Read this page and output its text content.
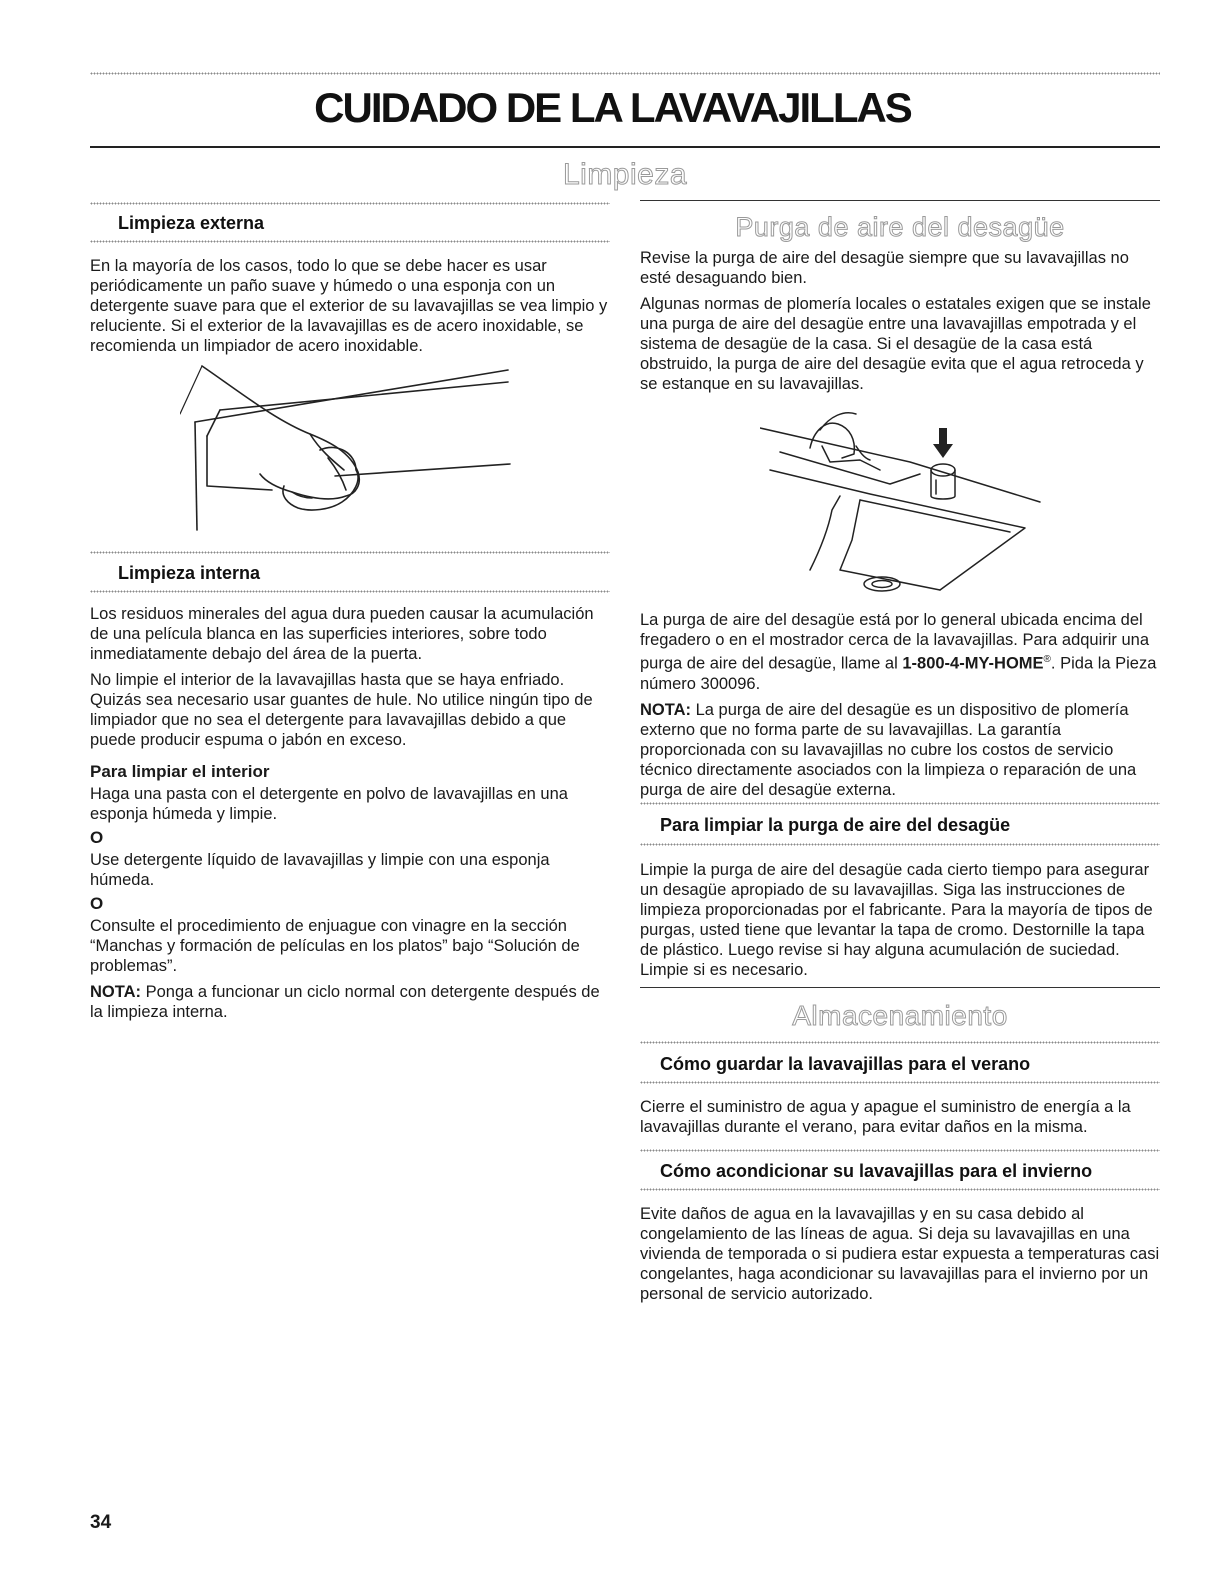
CUIDADO DE LA LAVAVAJILLAS
Limpieza
Limpieza externa

En la mayoría de los casos, todo lo que se debe hacer es usar periódicamente un paño suave y húmedo o una esponja con un detergente suave para que el exterior de su lavavajillas se vea limpio y reluciente. Si el exterior de la lavavajillas es de acero inoxidable, se recomienda un limpiador de acero inoxidable.

Limpieza interna

Los residuos minerales del agua dura pueden causar la acumulación de una película blanca en las superficies interiores, sobre todo inmediatamente debajo del área de la puerta.

No limpie el interior de la lavavajillas hasta que se haya enfriado. Quizás sea necesario usar guantes de hule. No utilice ningún tipo de limpiador que no sea el detergente para lavavajillas debido a que puede producir espuma o jabón en exceso.

Para limpiar el interior

Haga una pasta con el detergente en polvo de lavavajillas en una esponja húmeda y limpie.

O

Use detergente líquido de lavavajillas y limpie con una esponja húmeda.

O

Consulte el procedimiento de enjuague con vinagre en la sección “Manchas y formación de películas en los platos” bajo “Solución de problemas”.

NOTA: Ponga a funcionar un ciclo normal con detergente después de la limpieza interna.

Purga de aire del desagüe

Revise la purga de aire del desagüe siempre que su lavavajillas no esté desaguando bien.

Algunas normas de plomería locales o estatales exigen que se instale una purga de aire del desagüe entre una lavavajillas empotrada y el sistema de desagüe de la casa. Si el desagüe de la casa está obstruido, la purga de aire del desagüe evita que el agua retroceda y se estanque en su lavavajillas.

La purga de aire del desagüe está por lo general ubicada encima del fregadero o en el mostrador cerca de la lavavajillas. Para adquirir una purga de aire del desagüe, llame al 1-800-4-MY-HOME®. Pida la Pieza número 300096.

NOTA: La purga de aire del desagüe es un dispositivo de plomería externo que no forma parte de su lavavajillas. La garantía proporcionada con su lavavajillas no cubre los costos de servicio técnico directamente asociados con la limpieza o reparación de una purga de aire del desagüe externa.

Para limpiar la purga de aire del desagüe

Limpie la purga de aire del desagüe cada cierto tiempo para asegurar un desagüe apropiado de su lavavajillas. Siga las instrucciones de limpieza proporcionadas por el fabricante. Para la mayoría de tipos de purgas, usted tiene que levantar la tapa de cromo. Destornille la tapa de plástico. Luego revise si hay alguna acumulación de suciedad. Limpie si es necesario.

Almacenamiento
Cómo guardar la lavavajillas para el verano

Cierre el suministro de agua y apague el suministro de energía a la lavavajillas durante el verano, para evitar daños en la misma.

Cómo acondicionar su lavavajillas para el invierno

Evite daños de agua en la lavavajillas y en su casa debido al congelamiento de las líneas de agua. Si deja su lavavajillas en una vivienda de temporada o si pudiera estar expuesta a temperaturas casi congelantes, haga acondicionar su lavavajillas para el invierno por un personal de servicio autorizado.

34
